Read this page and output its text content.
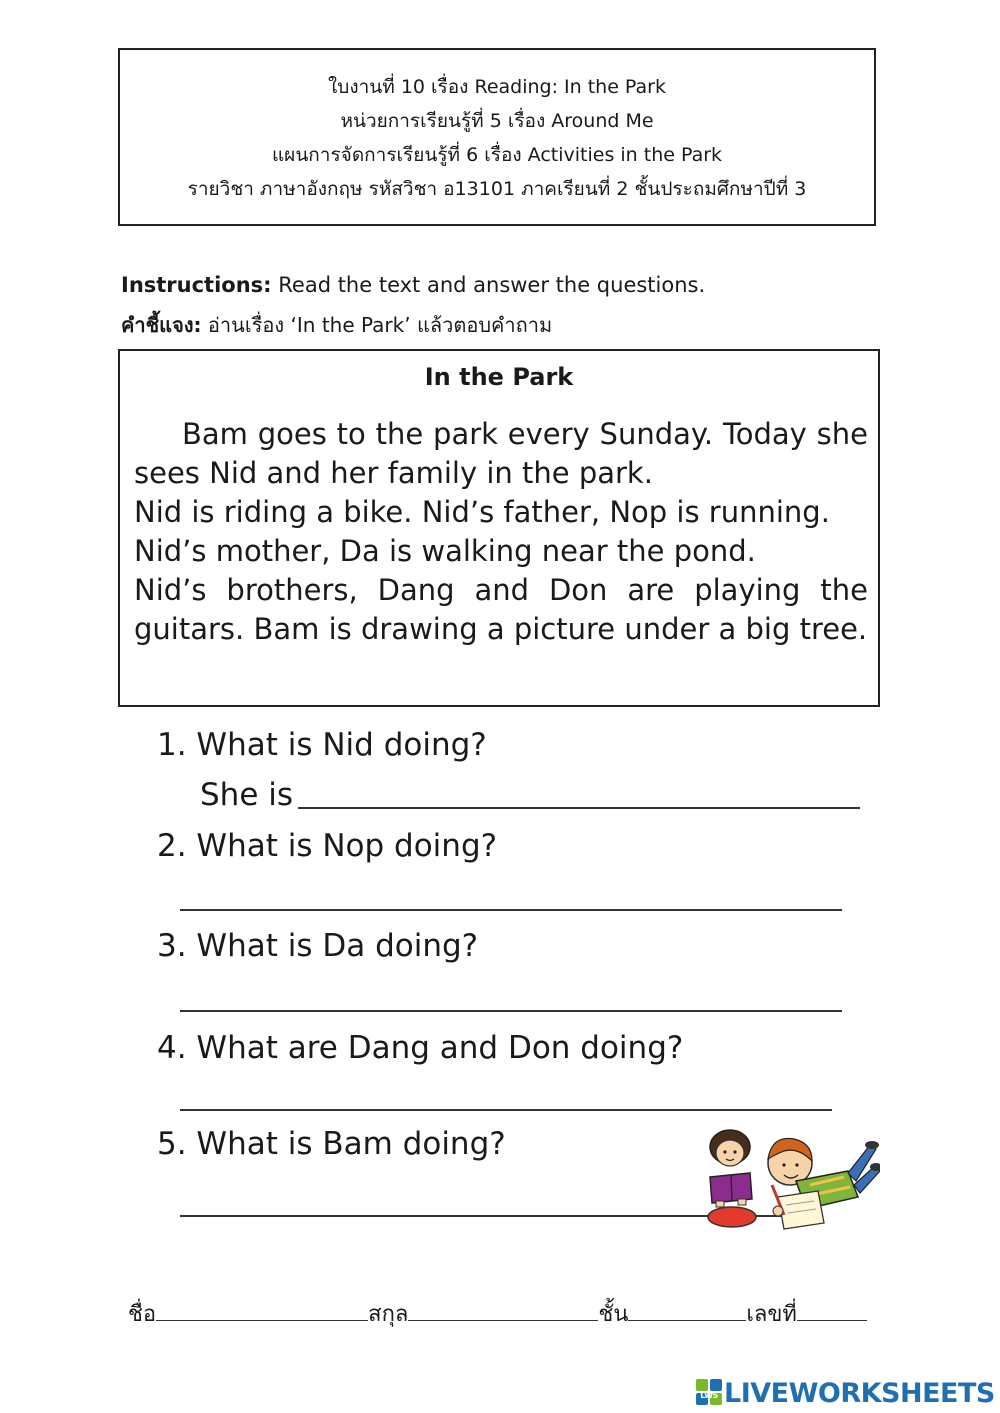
ใบงานที่ 10 เรื่อง Reading: In the Park
หน่วยการเรียนรู้ที่ 5 เรื่อง Around Me
แผนการจัดการเรียนรู้ที่ 6 เรื่อง Activities in the Park
รายวิชา ภาษาอังกฤษ รหัสวิชา อ13101 ภาคเรียนที่ 2 ชั้นประถมศึกษาปีที่ 3
Instructions: Read the text and answer the questions.
คำชี้แจง: อ่านเรื่อง ‘In the Park’ แล้วตอบคำถาม
In the Park

Bam goes to the park every Sunday. Today she sees Nid and her family in the park.

Nid is riding a bike. Nid’s father, Nop is running.

Nid’s mother, Da is walking near the pond.

Nid’s brothers, Dang and Don are playing the guitars. Bam is drawing a picture under a big tree.

1. What is Nid doing?
She is
2. What is Nop doing?
3. What is Da doing?
4. What are Dang and Don doing?
5. What is Bam doing?
ชื่อ	สกุล	ชั้น	เลขที่
LWS LIVEWORKSHEETS
